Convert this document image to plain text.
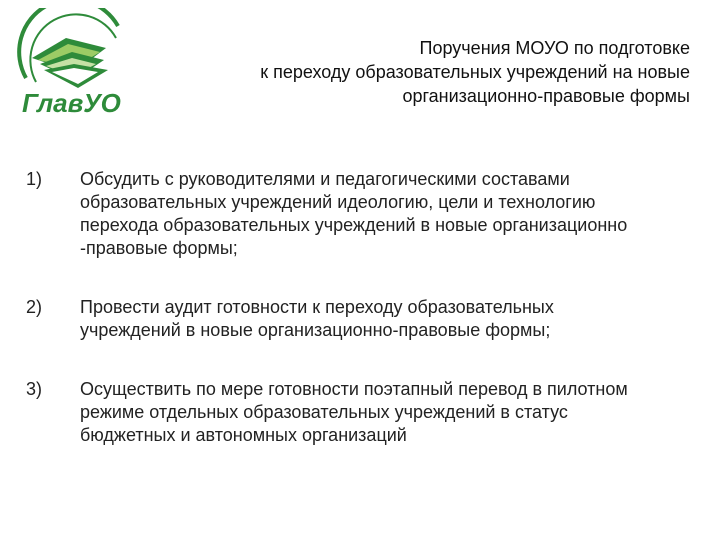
ГлавУО
Поручения МОУО по подготовке
к переходу образовательных учреждений на новые
организационно-правовые формы
1)	Обсудить с руководителями и педагогическими составами
образовательных учреждений идеологию, цели и технологию
перехода образовательных учреждений в новые организационно
-правовые формы;
2)	Провести аудит готовности к переходу образовательных
учреждений в новые организационно-правовые формы;
3)	Осуществить по мере готовности поэтапный перевод в пилотном
режиме отдельных образовательных учреждений в статус
бюджетных и автономных организаций
